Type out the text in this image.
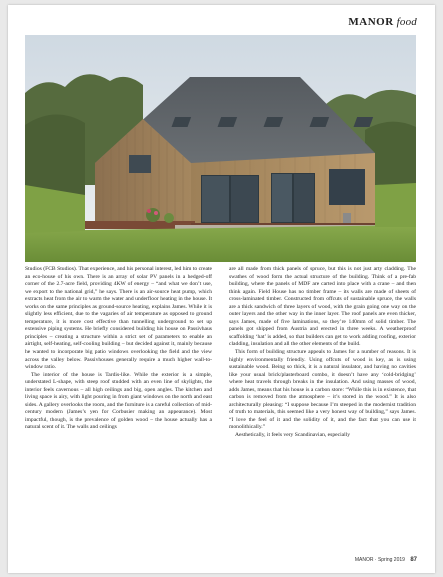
MANOR food

Studios (FCB Studios). That experience, and his personal interest, led him to create an eco-house of his own. There is an array of solar PV panels in a hedged-off corner of the 2.7-acre field, providing 4KW of energy – “and what we don’t use, we export to the national grid,” he says. There is an air-source heat pump, which extracts heat from the air to warm the water and underfloor heating in the house. It works on the same principles as ground-source heating, explains James. While it is slightly less efficient, due to the vagaries of air temperature as opposed to ground temperature, it is more cost effective than tunnelling underground to set up extensive piping systems. He briefly considered building his house on Passivhaus principles – creating a structure within a strict set of parameters to enable an airtight, self-heating, self-cooling building – but decided against it, mainly because he wanted to incorporate big patio windows overlooking the field and the view across the valley below. Passivhouses generally require a much higher wall-to-window ratio.

The interior of the house is Tardis-like. While the exterior is a simple, understated L-shape, with steep roof studded with an even line of skylights, the interior feels cavernous – all high ceilings and big, open angles. The kitchen and living space is airy, with light pouring in from giant windows on the north and east sides. A gallery overlooks the room, and the furniture is a careful collection of mid-century modern (James’s yen for Corbusier making an appearance). Most impactful, though, is the prevalence of golden wood – the house actually has a natural scent of it. The walls and ceilings

are all made from thick panels of spruce, but this is not just arty cladding. The swathes of wood form the actual structure of the building. Think of a pre-fab building, where the panels of MDF are carted into place with a crane – and then think again. Field House has no timber frame – its walls are made of sheets of cross-laminated timber. Constructed from offcuts of sustainable spruce, the walls are a thick sandwich of three layers of wood, with the grain going one way on the outer layers and the other way in the inner layer. The roof panels are even thicker, says James, made of five laminations, so they’re 140mm of solid timber. The panels got shipped from Austria and erected in three weeks. A weatherproof scaffolding ‘hat’ is added, so that builders can get to work adding roofing, exterior cladding, insulation and all the other elements of the build.

This form of building structure appeals to James for a number of reasons. It is highly environmentally friendly. Using offcuts of wood is key, as is using sustainable wood. Being so thick, it is a natural insulator, and having no cavities like your usual brick/plasterboard combo, it doesn’t have any ‘cold-bridging’ where heat travels through breaks in the insulation. And using masses of wood, adds James, means that his house is a carbon store: “While this is in existence, that carbon is removed from the atmosphere – it’s stored in the wood.” It is also architecturally pleasing: “I suppose because I’m steeped in the modernist tradition of truth to materials, this seemed like a very honest way of building,” says James. “I love the feel of it and the solidity of it, and the fact that you can use it monolithically.”

Aesthetically, it feels very Scandinavian, especially

MANOR · Spring 2019 87
